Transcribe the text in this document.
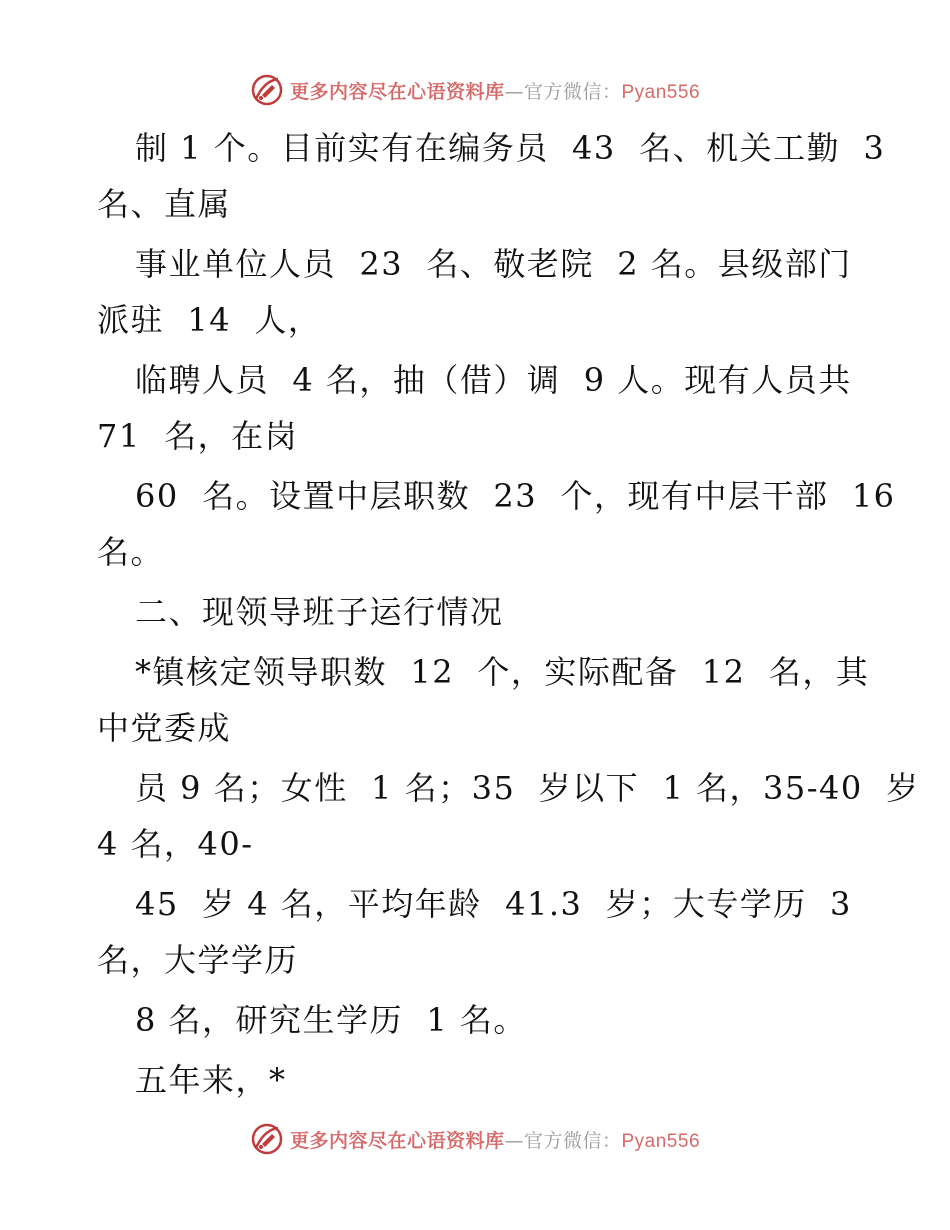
更多内容尽在心语资料库—官方微信：Pyan556
制 1 个。目前实有在编务员  43  名、机关工勤  3
名、直属
事业单位人员  23  名、敬老院  2 名。县级部门
派驻  14  人，
临聘人员  4 名，抽（借）调  9 人。现有人员共
71  名，在岗
60  名。设置中层职数  23  个，现有中层干部  16
名。
二、现领导班子运行情况
*镇核定领导职数  12  个，实际配备  12  名，其
中党委成
员 9 名；女性  1 名；35  岁以下  1 名，35-40  岁
4 名，40-
45  岁 4 名，平均年龄  41.3  岁；大专学历  3
名，大学学历
8 名，研究生学历  1 名。
五年来，*
更多内容尽在心语资料库—官方微信：Pyan556
